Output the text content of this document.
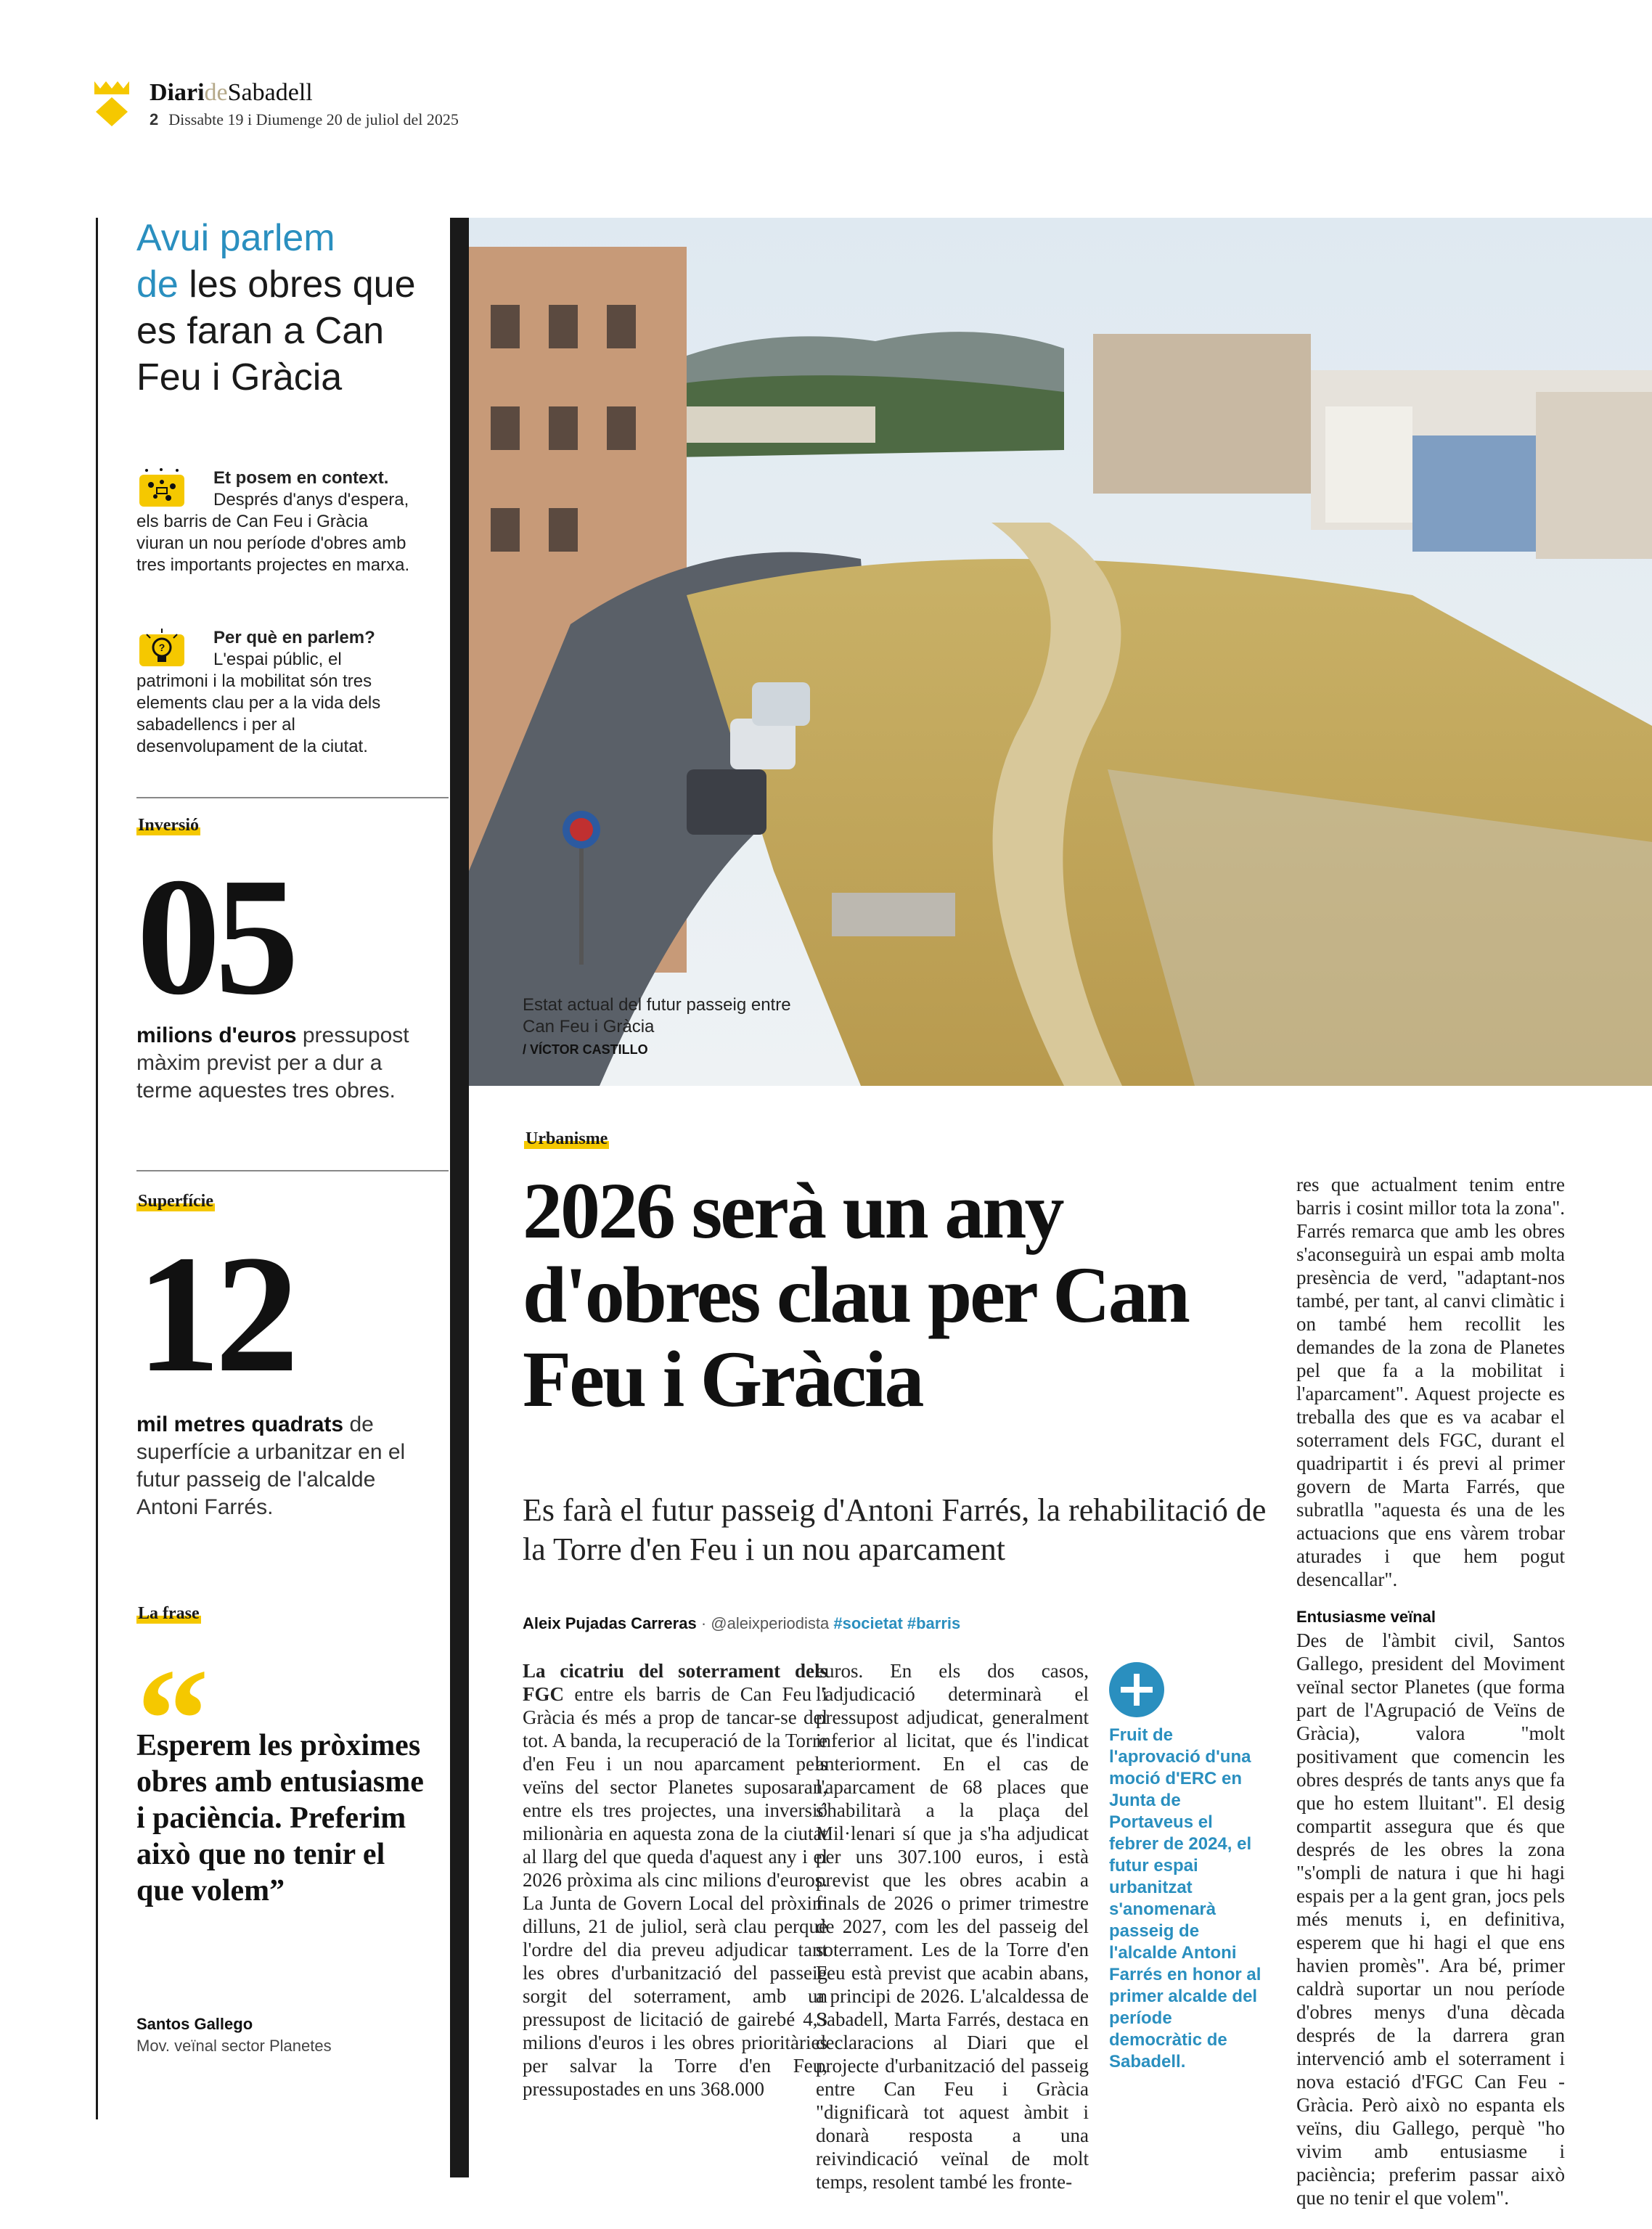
DiarideSabadell
2 Dissabte 19 i Diumenge 20 de juliol del 2025
Avui parlem
de les obres que es faran a Can Feu i Gràcia
Et posem en context.
Després d'anys d'espera, els barris de Can Feu i Gràcia viuran un nou període d'obres amb tres importants projectes en marxa.
?	Per què en parlem?
L'espai públic, el patrimoni i la mobilitat són tres elements clau per a la vida dels sabadellencs i per al desenvolupament de la ciutat.
Inversió
05
milions d'euros pressupost màxim previst per a dur a terme aquestes tres obres.
Superfície
12
mil metres quadrats de superfície a urbanitzar en el futur passeig de l'alcalde Antoni Farrés.
La frase
“
Esperem les pròximes obres amb entusiasme i paciència. Preferim això que no tenir el que volem”
Santos Gallego
Mov. veïnal sector Planetes
Estat actual del futur passeig entre Can Feu i Gràcia
/ VÍCTOR CASTILLO
Urbanisme
2026 serà un any d'obres clau per Can Feu i Gràcia
Es farà el futur passeig d'Antoni Farrés, la rehabilitació de la Torre d'en Feu i un nou aparcament
Aleix Pujadas Carreras · @aleixperiodista #societat #barris
La cicatriu del soterrament dels FGC entre els barris de Can Feu i Gràcia és més a prop de tancar-se del tot. A banda, la recuperació de la Torre d'en Feu i un nou aparcament pels veïns del sector Planetes suposaran, entre els tres projectes, una inversió milionària en aquesta zona de la ciutat al llarg del que queda d'aquest any i el 2026 pròxima als cinc milions d'euros. La Junta de Govern Local del pròxim dilluns, 21 de juliol, serà clau perquè l'ordre del dia preveu adjudicar tant les obres d'urbanització del passeig sorgit del soterrament, amb un pressupost de licitació de gairebé 4,3 milions d'euros i les obres prioritàries per salvar la Torre d'en Feu, pressupostades en uns 368.000
euros. En els dos casos, l'adjudicació determinarà el pressupost adjudicat, generalment inferior al licitat, que és l'indicat anteriorment. En el cas de l'aparcament de 68 places que s'habilitarà a la plaça del Mil·lenari sí que ja s'ha adjudicat per uns 307.100 euros, i està previst que les obres acabin a finals de 2026 o primer trimestre de 2027, com les del passeig del soterrament. Les de la Torre d'en Feu està previst que acabin abans, a principi de 2026. L'alcaldessa de Sabadell, Marta Farrés, destaca en declaracions al Diari que el projecte d'urbanització del passeig entre Can Feu i Gràcia "dignificarà tot aquest àmbit i donarà resposta a una reivindicació veïnal de molt temps, resolent també les fronte-
Fruit de l'aprovació d'una moció d'ERC en Junta de Portaveus el febrer de 2024, el futur espai urbanitzat s'anomenarà passeig de l'alcalde Antoni Farrés en honor al primer alcalde del període democràtic de Sabadell.
res que actualment tenim entre barris i cosint millor tota la zona". Farrés remarca que amb les obres s'aconseguirà un espai amb molta presència de verd, "adaptant-nos també, per tant, al canvi climàtic i on també hem recollit les demandes de la zona de Planetes pel que fa a la mobilitat i l'aparcament". Aquest projecte es treballa des que es va acabar el soterrament dels FGC, durant el quadripartit i és previ al primer govern de Marta Farrés, que subratlla "aquesta és una de les actuacions que ens vàrem trobar aturades i que hem pogut desencallar".
Entusiasme veïnal
Des de l'àmbit civil, Santos Gallego, president del Moviment veïnal sector Planetes (que forma part de l'Agrupació de Veïns de Gràcia), valora "molt positivament que comencin les obres després de tants anys que fa que ho estem lluitant". El desig compartit assegura que és que després de les obres la zona "s'ompli de natura i que hi hagi espais per a la gent gran, jocs pels més menuts i, en definitiva, esperem que hi hagi el que ens havien promès". Ara bé, primer caldrà suportar un nou període d'obres menys d'una dècada després de la darrera gran intervenció amb el soterrament i nova estació d'FGC Can Feu - Gràcia. Però això no espanta els veïns, diu Gallego, perquè "ho vivim amb entusiasme i paciència; preferim passar això que no tenir el que volem".
